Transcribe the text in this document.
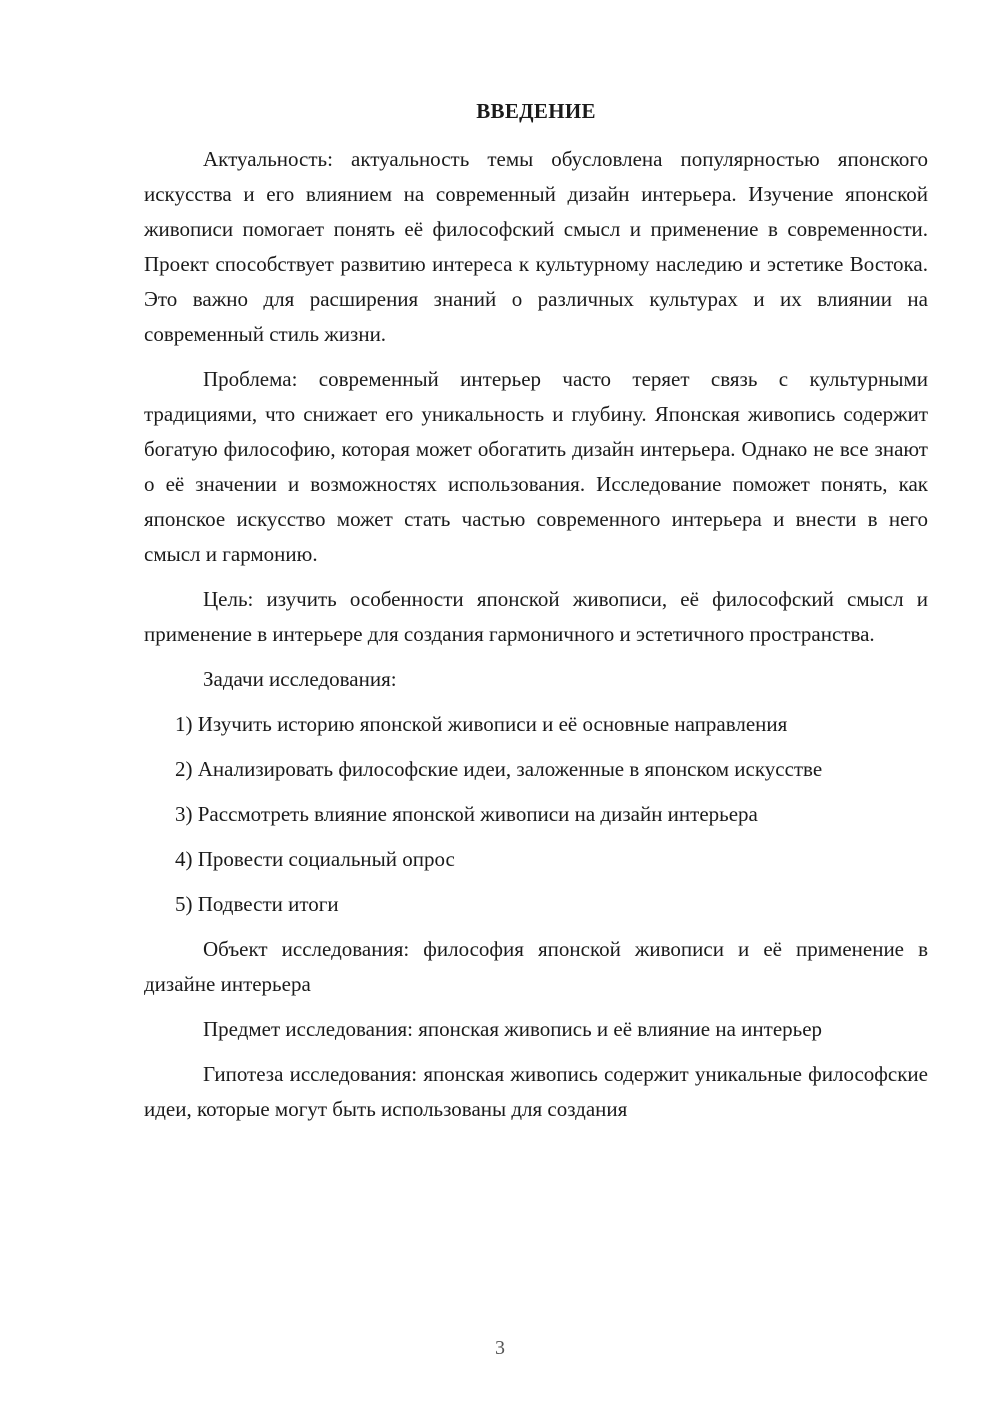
ВВЕДЕНИЕ

Актуальность: актуальность темы обусловлена популярностью японского искусства и его влиянием на современный дизайн интерьера. Изучение японской живописи помогает понять её философский смысл и применение в современности. Проект способствует развитию интереса к культурному наследию и эстетике Востока. Это важно для расширения знаний о различных культурах и их влиянии на современный стиль жизни.

Проблема: современный интерьер часто теряет связь с культурными традициями, что снижает его уникальность и глубину. Японская живопись содержит богатую философию, которая может обогатить дизайн интерьера. Однако не все знают о её значении и возможностях использования. Исследование поможет понять, как японское искусство может стать частью современного интерьера и внести в него смысл и гармонию.

Цель: изучить особенности японской живописи, её философский смысл и применение в интерьере для создания гармоничного и эстетичного пространства.

Задачи исследования:

1) Изучить историю японской живописи и её основные направления

2) Анализировать философские идеи, заложенные в японском искусстве

3) Рассмотреть влияние японской живописи на дизайн интерьера

4) Провести социальный опрос

5) Подвести итоги

Объект исследования: философия японской живописи и её применение в дизайне интерьера

Предмет исследования: японская живопись и её влияние на интерьер

Гипотеза исследования: японская живопись содержит уникальные философские идеи, которые могут быть использованы для создания

3
